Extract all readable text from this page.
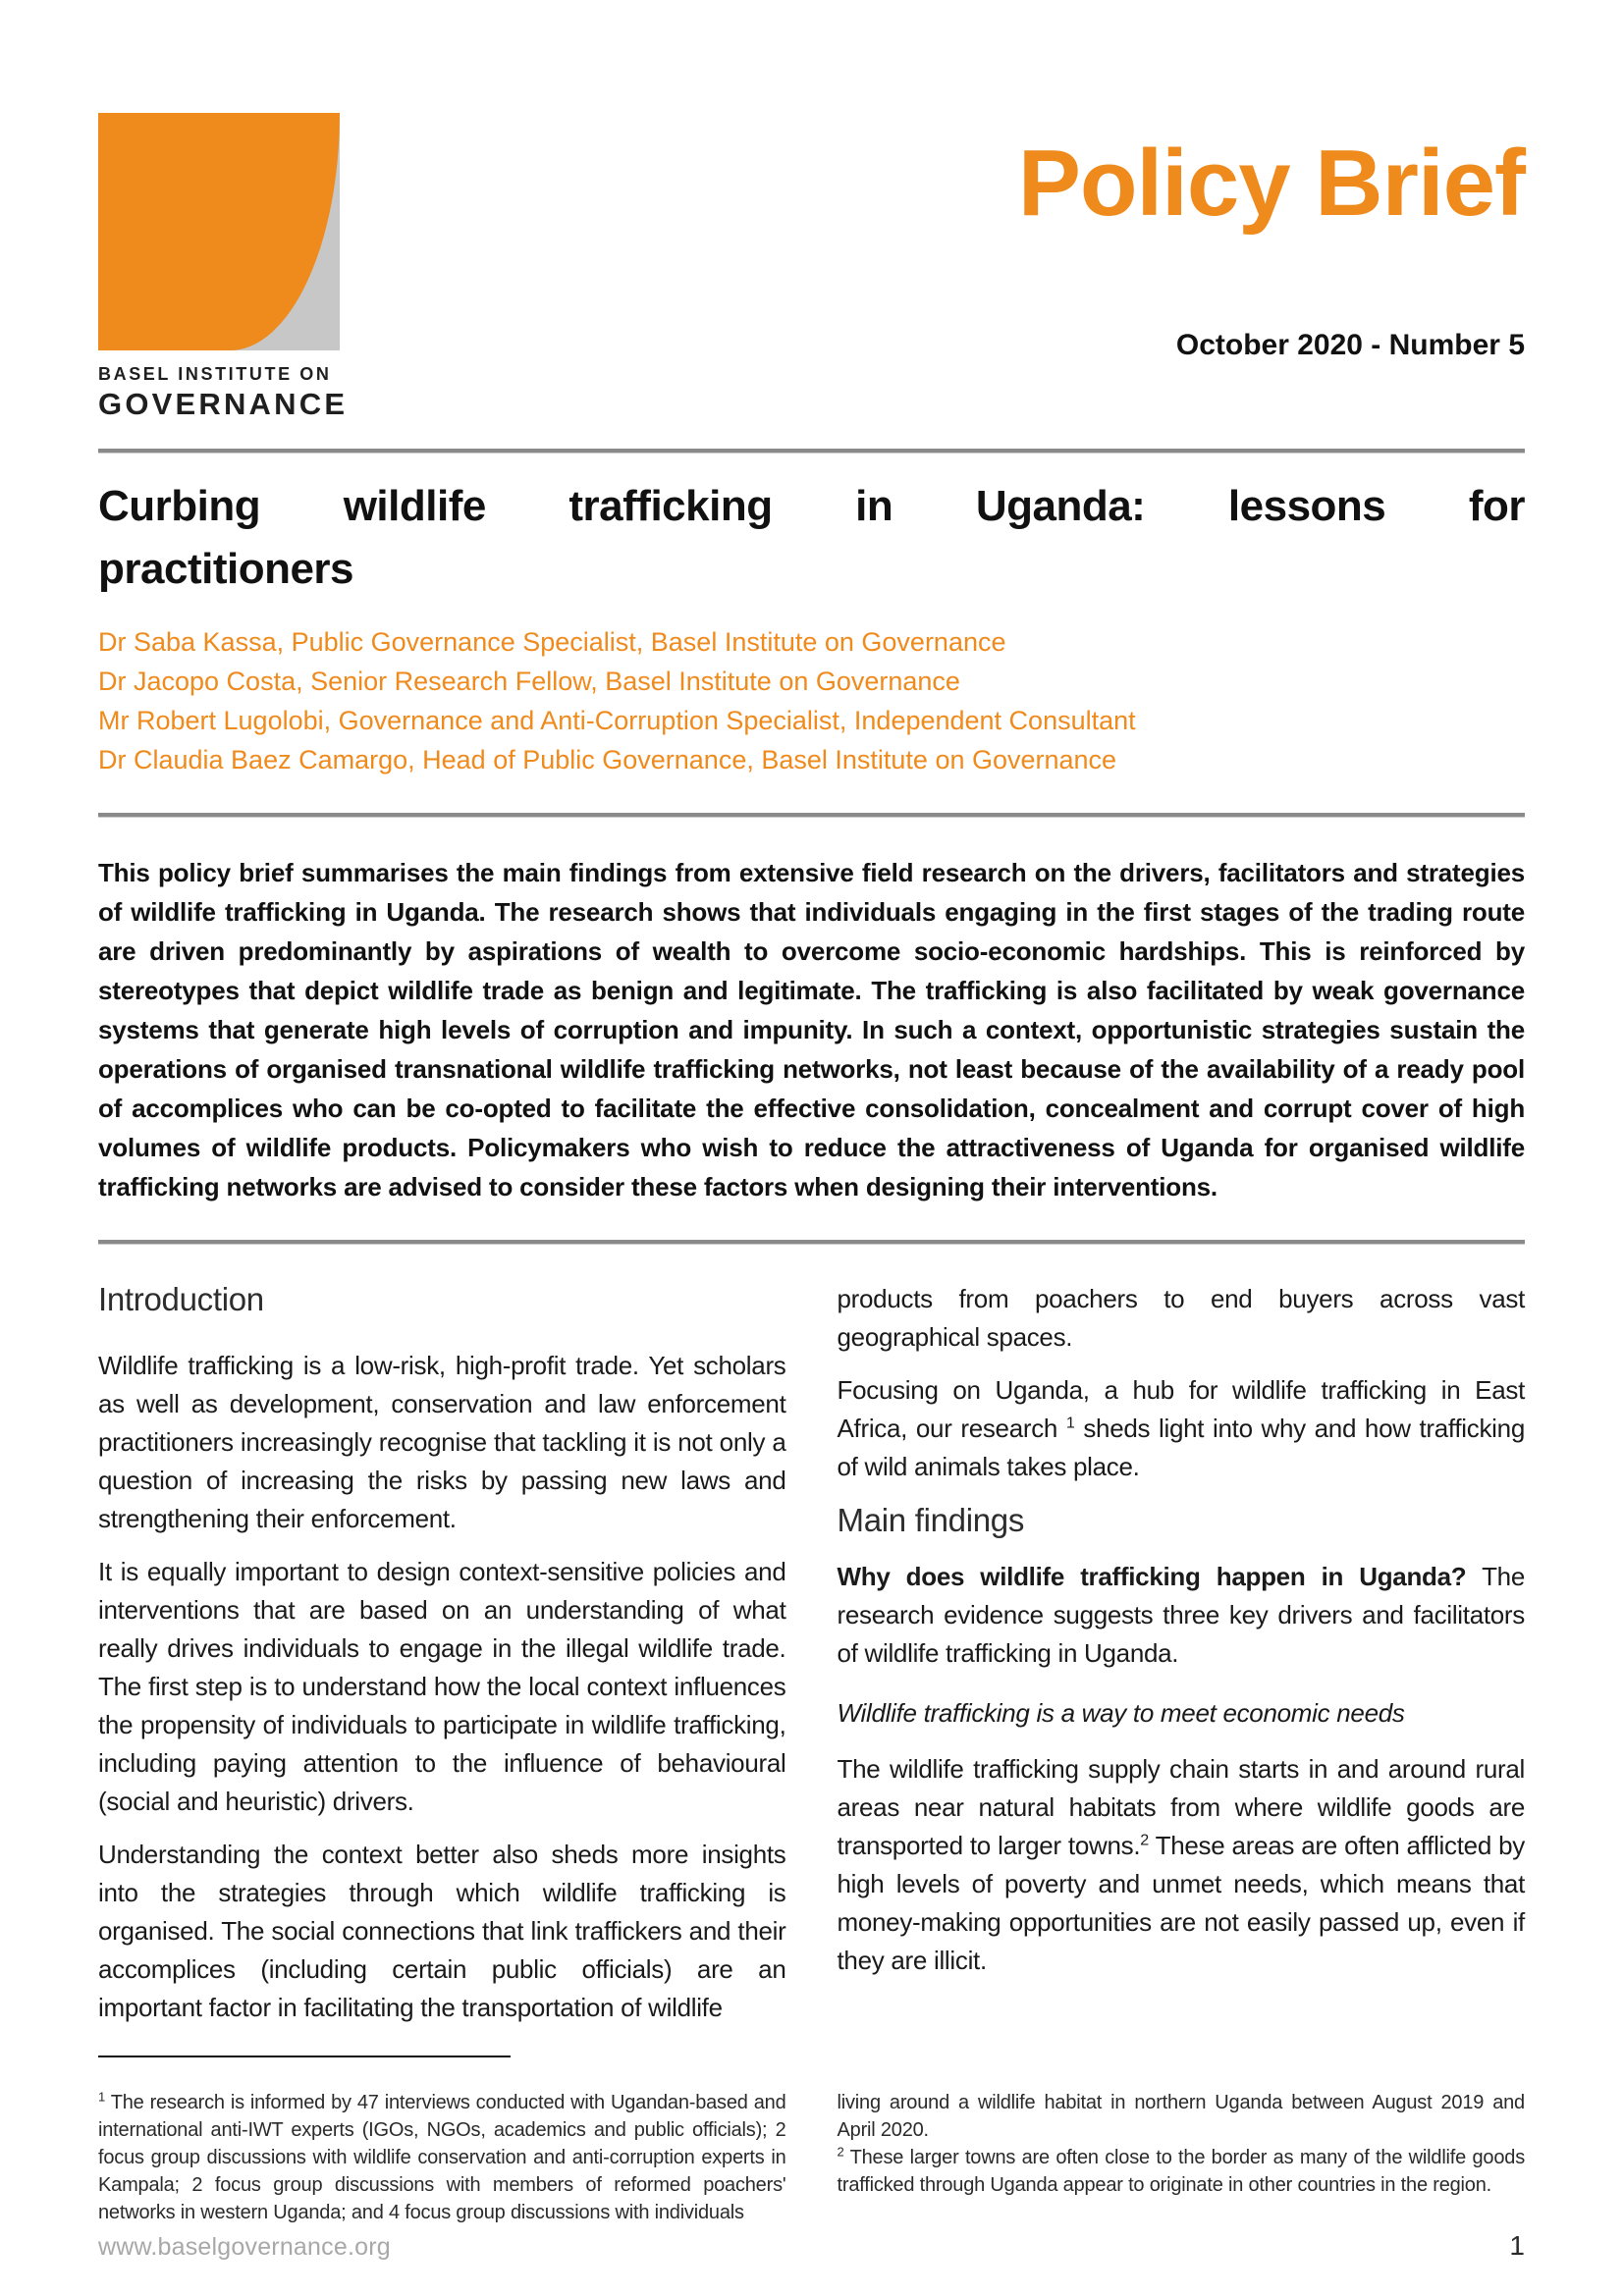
BASEL INSTITUTE ON
GOVERNANCE
Policy Brief
October 2020 - Number 5
Curbing wildlife trafficking in Uganda: lessons for
practitioners
Dr Saba Kassa, Public Governance Specialist, Basel Institute on Governance
Dr Jacopo Costa, Senior Research Fellow, Basel Institute on Governance
Mr Robert Lugolobi, Governance and Anti-Corruption Specialist, Independent Consultant
Dr Claudia Baez Camargo, Head of Public Governance, Basel Institute on Governance
This policy brief summarises the main findings from extensive field research on the drivers, facilitators and strategies of wildlife trafficking in Uganda. The research shows that individuals engaging in the first stages of the trading route are driven predominantly by aspirations of wealth to overcome socio-economic hardships. This is reinforced by stereotypes that depict wildlife trade as benign and legitimate. The trafficking is also facilitated by weak governance systems that generate high levels of corruption and impunity. In such a context, opportunistic strategies sustain the operations of organised transnational wildlife trafficking networks, not least because of the availability of a ready pool of accomplices who can be co-opted to facilitate the effective consolidation, concealment and corrupt cover of high volumes of wildlife products. Policymakers who wish to reduce the attractiveness of Uganda for organised wildlife trafficking networks are advised to consider these factors when designing their interventions.
Introduction

Wildlife trafficking is a low-risk, high-profit trade. Yet scholars as well as development, conservation and law enforcement practitioners increasingly recognise that tackling it is not only a question of increasing the risks by passing new laws and strengthening their enforcement.

It is equally important to design context-sensitive policies and interventions that are based on an understanding of what really drives individuals to engage in the illegal wildlife trade. The first step is to understand how the local context influences the propensity of individuals to participate in wildlife trafficking, including paying attention to the influence of behavioural (social and heuristic) drivers.

Understanding the context better also sheds more insights into the strategies through which wildlife trafficking is organised. The social connections that link traffickers and their accomplices (including certain public officials) are an important factor in facilitating the transportation of wildlife

products from poachers to end buyers across vast geographical spaces.

Focusing on Uganda, a hub for wildlife trafficking in East Africa, our research $^1$ sheds light into why and how trafficking of wild animals takes place.

Main findings

Why does wildlife trafficking happen in Uganda? The research evidence suggests three key drivers and facilitators of wildlife trafficking in Uganda.

Wildlife trafficking is a way to meet economic needs

The wildlife trafficking supply chain starts in and around rural areas near natural habitats from where wildlife goods are transported to larger towns.$^2$ These areas are often afflicted by high levels of poverty and unmet needs, which means that money-making opportunities are not easily passed up, even if they are illicit.

$^1$ The research is informed by 47 interviews conducted with Ugandan-based and international anti-IWT experts (IGOs, NGOs, academics and public officials); 2 focus group discussions with wildlife conservation and anti-corruption experts in Kampala; 2 focus group discussions with members of reformed poachers' networks in western Uganda; and 4 focus group discussions with individuals

living around a wildlife habitat in northern Uganda between August 2019 and April 2020.

$^2$ These larger towns are often close to the border as many of the wildlife goods trafficked through Uganda appear to originate in other countries in the region.

www.baselgovernance.org	1
